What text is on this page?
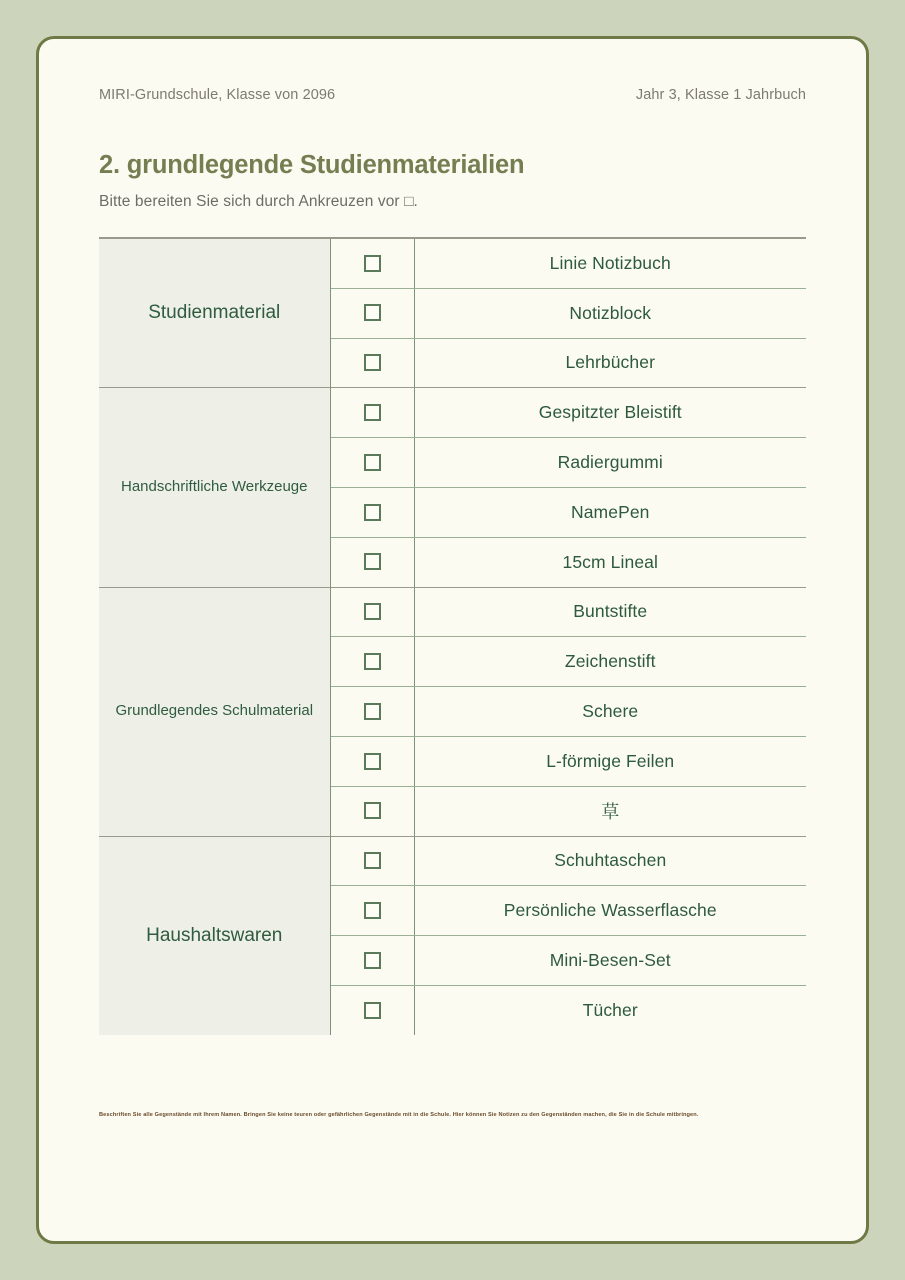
MIRI-Grundschule, Klasse von 2096	Jahr 3, Klasse 1 Jahrbuch
2. grundlegende Studienmaterialien
Bitte bereiten Sie sich durch Ankreuzen vor □.
Studienmaterial		Linie Notizbuch
		Notizblock
		Lehrbücher

Handschriftliche Werkzeuge		Gespitzter Bleistift
		Radiergummi
		NamePen
		15cm Lineal

Grundlegendes Schulmaterial		Buntstifte
		Zeichenstift
		Schere
		L-förmige Feilen
		草

Haushaltswaren		Schuhtaschen
		Persönliche Wasserflasche
		Mini-Besen-Set
		Tücher
Beschriften Sie alle Gegenstände mit Ihrem Namen. Bringen Sie keine teuren oder gefährlichen Gegenstände mit in die Schule. Hier können Sie Notizen zu den Gegenständen machen, die Sie in die Schule mitbringen.
